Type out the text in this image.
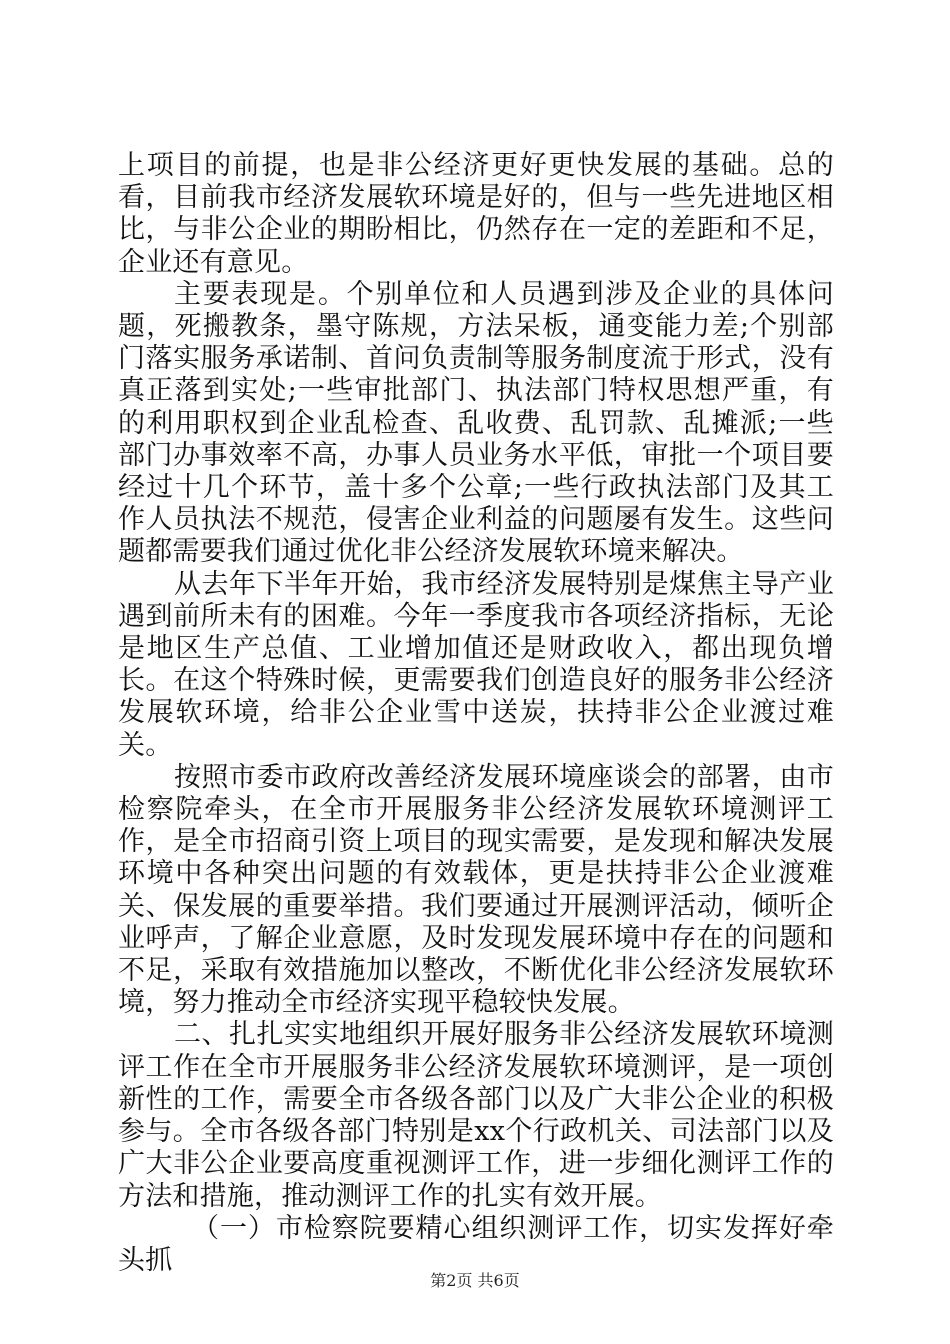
上项目的前提，也是非公经济更好更快发展的基础。总的看，目前我市经济发展软环境是好的，但与一些先进地区相比，与非公企业的期盼相比，仍然存在一定的差距和不足，企业还有意见。

主要表现是。个别单位和人员遇到涉及企业的具体问题，死搬教条，墨守陈规，方法呆板，通变能力差;个别部门落实服务承诺制、首问负责制等服务制度流于形式，没有真正落到实处;一些审批部门、执法部门特权思想严重，有的利用职权到企业乱检查、乱收费、乱罚款、乱摊派;一些部门办事效率不高，办事人员业务水平低，审批一个项目要经过十几个环节，盖十多个公章;一些行政执法部门及其工作人员执法不规范，侵害企业利益的问题屡有发生。这些问题都需要我们通过优化非公经济发展软环境来解决。

从去年下半年开始，我市经济发展特别是煤焦主导产业遇到前所未有的困难。今年一季度我市各项经济指标，无论是地区生产总值、工业增加值还是财政收入，都出现负增长。在这个特殊时候，更需要我们创造良好的服务非公经济发展软环境，给非公企业雪中送炭，扶持非公企业渡过难关。

按照市委市政府改善经济发展环境座谈会的部署，由市检察院牵头，在全市开展服务非公经济发展软环境测评工作，是全市招商引资上项目的现实需要，是发现和解决发展环境中各种突出问题的有效载体，更是扶持非公企业渡难关、保发展的重要举措。我们要通过开展测评活动，倾听企业呼声，了解企业意愿，及时发现发展环境中存在的问题和不足，采取有效措施加以整改，不断优化非公经济发展软环境，努力推动全市经济实现平稳较快发展。

二、扎扎实实地组织开展好服务非公经济发展软环境测评工作在全市开展服务非公经济发展软环境测评，是一项创新性的工作，需要全市各级各部门以及广大非公企业的积极参与。全市各级各部门特别是xx个行政机关、司法部门以及广大非公企业要高度重视测评工作，进一步细化测评工作的方法和措施，推动测评工作的扎实有效开展。

（一）市检察院要精心组织测评工作，切实发挥好牵头抓

第2页 共6页
